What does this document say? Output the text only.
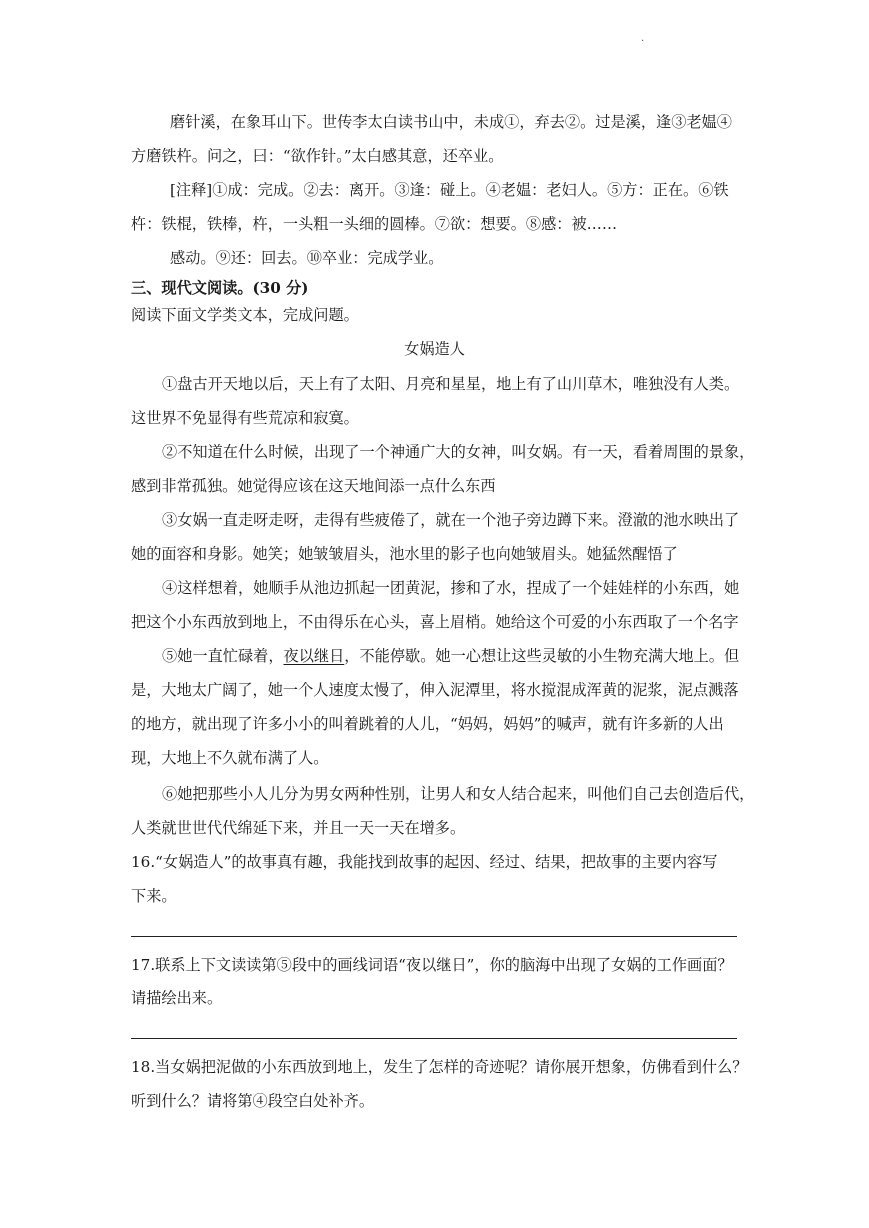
·
磨针溪，在象耳山下。世传李太白读书山中，未成①，弃去②。过是溪，逢③老媪④
方磨铁杵。问之，曰：“欲作针。”太白感其意，还卒业。
[注释]①成：完成。②去：离开。③逢：碰上。④老媪：老妇人。⑤方：正在。⑥铁
杵：铁棍，铁棒，杵，一头粗一头细的圆棒。⑦欲：想要。⑧感：被……
感动。⑨还：回去。⑩卒业：完成学业。
三、现代文阅读。(30 分)
阅读下面文学类文本，完成问题。
女娲造人
①盘古开天地以后，天上有了太阳、月亮和星星，地上有了山川草木，唯独没有人类。
这世界不免显得有些荒凉和寂寞。
②不知道在什么时候，出现了一个神通广大的女神，叫女娲。有一天，看着周围的景象，
感到非常孤独。她觉得应该在这天地间添一点什么东西
③女娲一直走呀走呀，走得有些疲倦了，就在一个池子旁边蹲下来。澄澈的池水映出了
她的面容和身影。她笑；她皱皱眉头，池水里的影子也向她皱眉头。她猛然醒悟了
④这样想着，她顺手从池边抓起一团黄泥，掺和了水，捏成了一个娃娃样的小东西，她
把这个小东西放到地上，不由得乐在心头，喜上眉梢。她给这个可爱的小东西取了一个名字
⑤她一直忙碌着，夜以继日，不能停歇。她一心想让这些灵敏的小生物充满大地上。但
是，大地太广阔了，她一个人速度太慢了，伸入泥潭里，将水搅混成浑黄的泥浆，泥点溅落
的地方，就出现了许多小小的叫着跳着的人儿，“妈妈，妈妈”的喊声，就有许多新的人出
现，大地上不久就布满了人。
⑥她把那些小人儿分为男女两种性别，让男人和女人结合起来，叫他们自己去创造后代，
人类就世世代代绵延下来，并且一天一天在增多。
16.“女娲造人”的故事真有趣，我能找到故事的起因、经过、结果，把故事的主要内容写
下来。
17.联系上下文读读第⑤段中的画线词语“夜以继日”，你的脑海中出现了女娲的工作画面？
请描绘出来。
18.当女娲把泥做的小东西放到地上，发生了怎样的奇迹呢？请你展开想象，仿佛看到什么？
听到什么？请将第④段空白处补齐。
